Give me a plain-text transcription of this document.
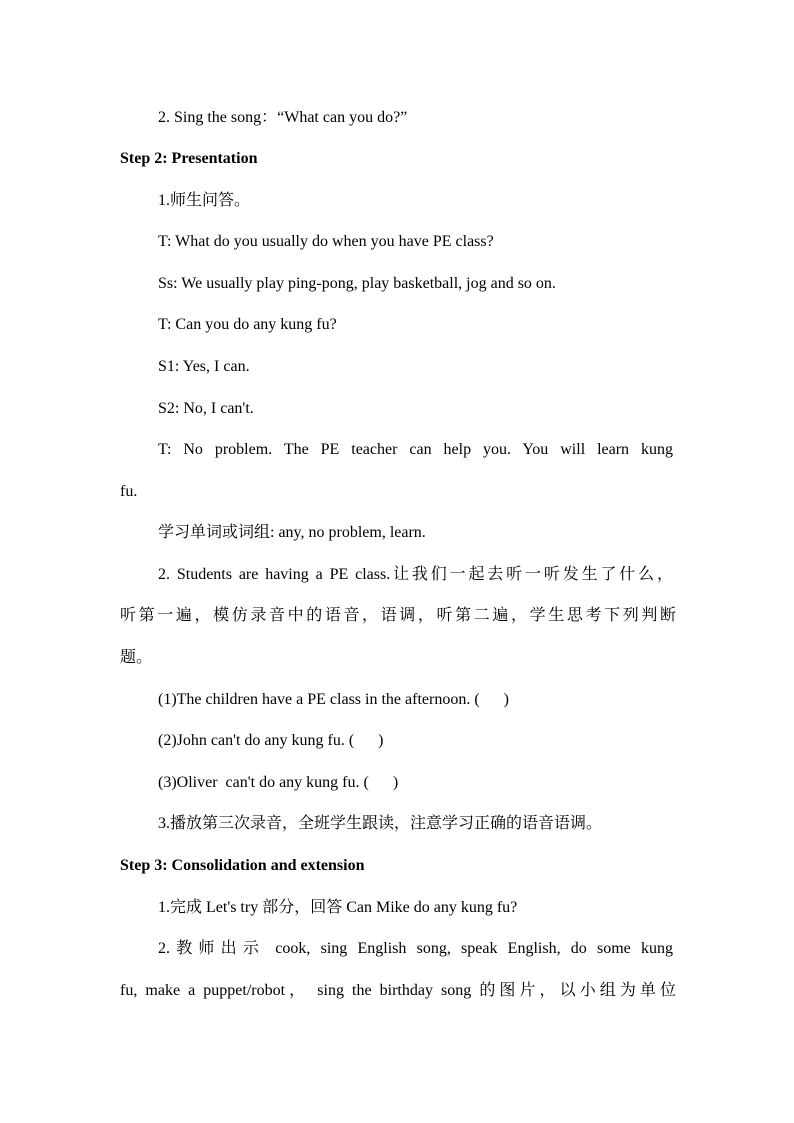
2. Sing the song：“What can you do?”
Step 2: Presentation
1.师生问答。
T: What do you usually do when you have PE class?
Ss: We usually play ping-pong, play basketball, jog and so on.
T: Can you do any kung fu?
S1: Yes, I can.
S2: No, I can't.
T: No problem. The PE teacher can help you. You will learn kung
fu.
学习单词或词组: any, no problem, learn.
2. Students are having a PE class.让我们一起去听一听发生了什么，
听第一遍，模仿录音中的语音，语调，听第二遍，学生思考下列判断
题。
(1)The children have a PE class in the afternoon. (      )
(2)John can't do any kung fu. (      )
(3)Oliver  can't do any kung fu. (      )
3.播放第三次录音，全班学生跟读，注意学习正确的语音语调。
Step 3: Consolidation and extension
1.完成 Let's try 部分，回答 Can Mike do any kung fu?
2.教师出示 cook, sing English song, speak English, do some kung
fu, make a puppet/robot， sing the birthday song 的图片，以小组为单位
